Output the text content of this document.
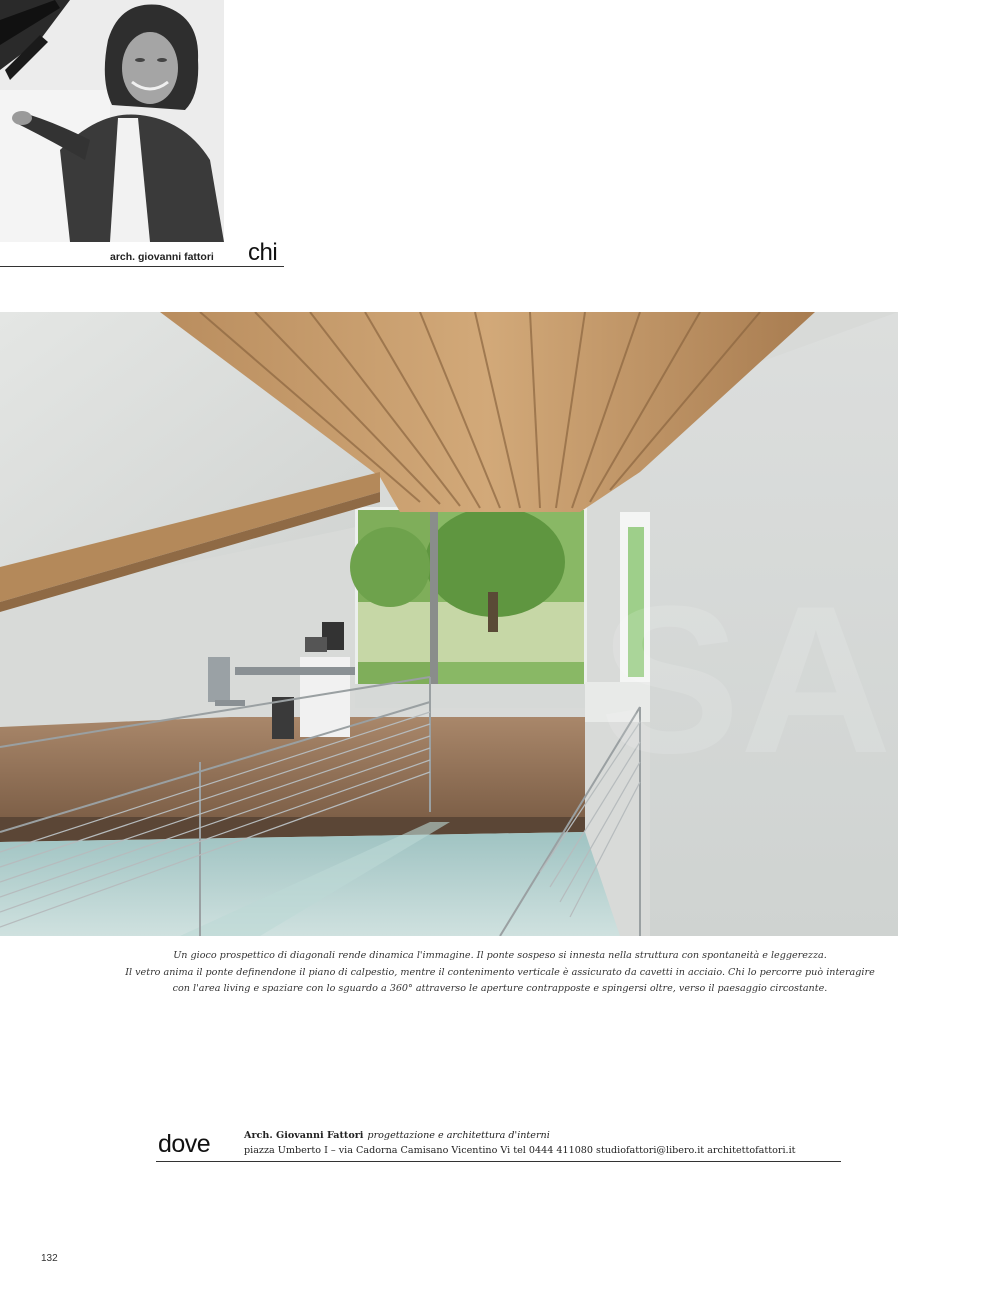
arch. giovanni fattori chi
SA
Un gioco prospettico di diagonali rende dinamica l'immagine. Il ponte sospeso si innesta nella struttura con spontaneità e leggerezza.
Il vetro anima il ponte definendone il piano di calpestio, mentre il contenimento verticale è assicurato da cavetti in acciaio. Chi lo percorre può interagire
con l'area living e spaziare con lo sguardo a 360° attraverso le aperture contrapposte e spingersi oltre, verso il paesaggio circostante.
dove	Arch. Giovanni Fattori progettazione e architettura d'interni
piazza Umberto I – via Cadorna Camisano Vicentino Vi tel 0444 411080 studiofattori@libero.it architettofattori.it
132
